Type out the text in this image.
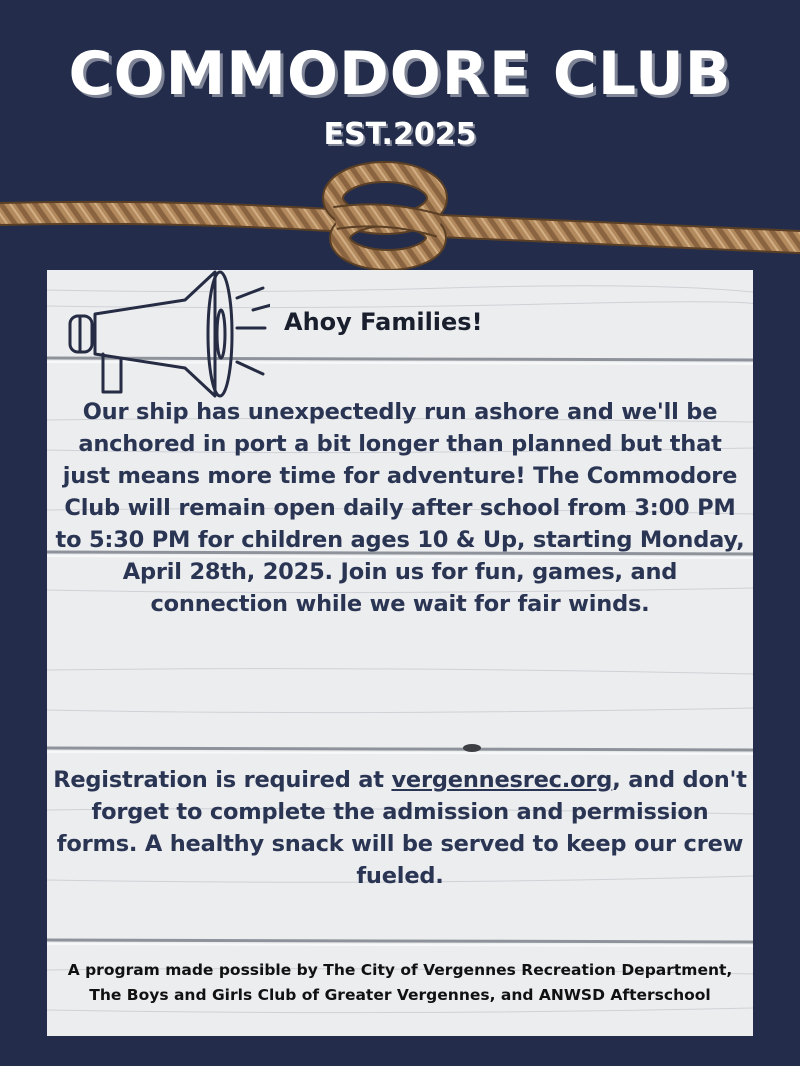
COMMODORE CLUB
EST.2025
Ahoy Families!
Our ship has unexpectedly run ashore and we'll be anchored in port a bit longer than planned but that just means more time for adventure! The Commodore Club will remain open daily after school from 3:00 PM to 5:30 PM for children ages 10 & Up, starting Monday, April 28th, 2025. Join us for fun, games, and connection while we wait for fair winds.
Registration is required at vergennesrec.org, and don't forget to complete the admission and permission forms. A healthy snack will be served to keep our crew fueled.
A program made possible by The City of Vergennes Recreation Department, The Boys and Girls Club of Greater Vergennes, and ANWSD Afterschool
